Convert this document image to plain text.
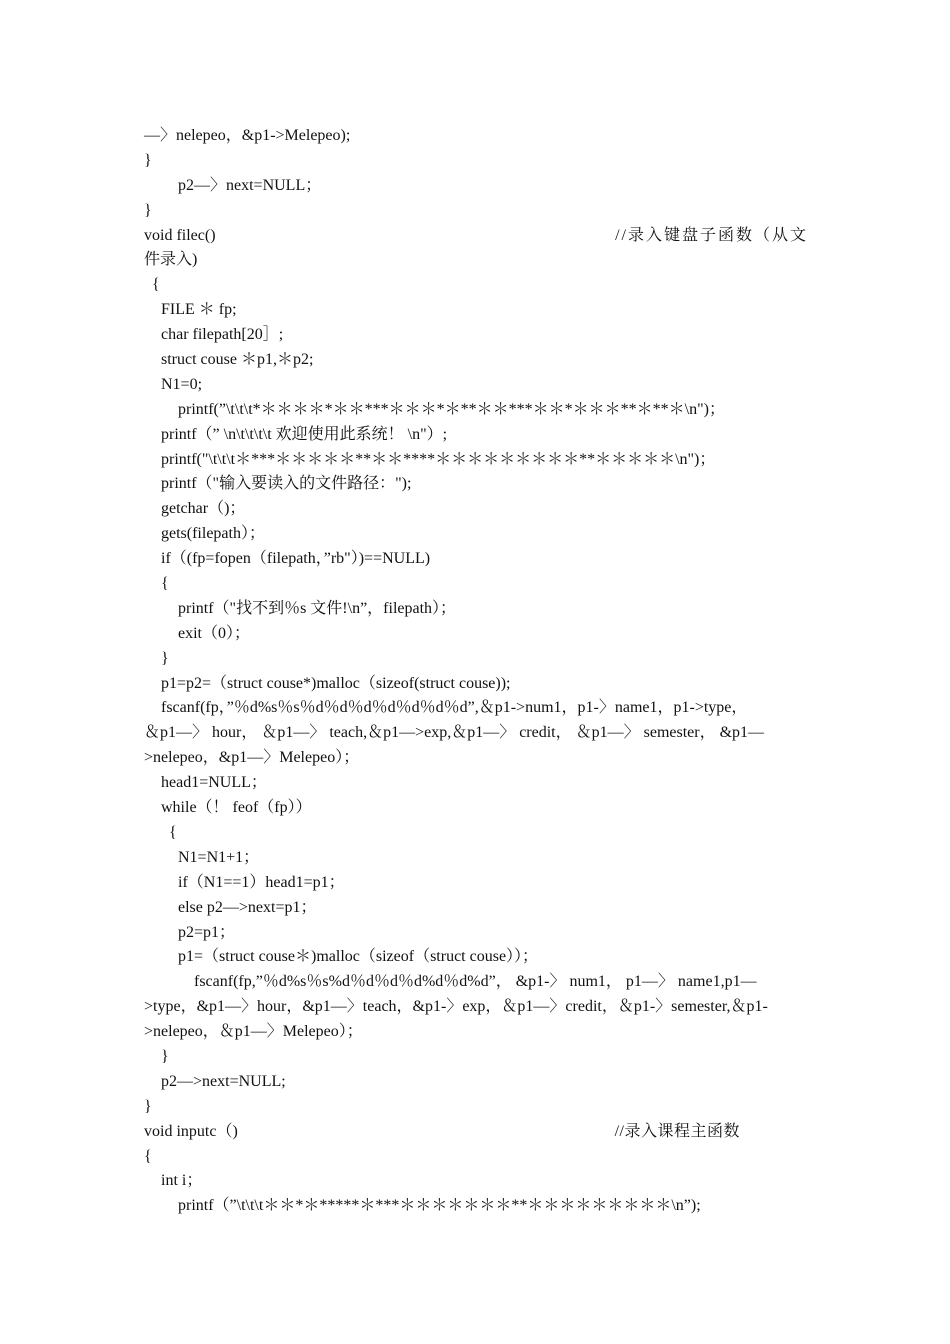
—〉nelepeo，&p1->Melepeo);
}
p2—〉next=NULL；
}
void filec()	//录入键盘子函数（从文
件录入)
{
FILE ＊ fp;
char filepath[20］;
struct couse ＊p1,＊p2;
N1=0;
printf(”\t\t\t*＊＊＊＊*＊＊***＊＊＊*＊**＊＊***＊＊*＊＊＊**＊**＊\n")；
printf（” \n\t\t\t\t 欢迎使用此系统！ \n"）;
printf("\t\t\t＊***＊＊＊＊＊**＊＊****＊＊＊＊＊＊＊＊＊**＊＊＊＊＊\n")；
printf（"输入要读入的文件路径：");
getchar（)；
gets(filepath）；
if（(fp=fopen（filepath，”rb"）)==NULL)
{
printf（"找不到％s 文件!\n”，filepath）；
exit（0）；
}
p1=p2=（struct couse*)malloc（sizeof(struct couse));
fscanf(fp，”％d%s％s％d％d％d％d％d％d％d”,＆p1->num1，p1-〉name1，p1->type，
＆p1—〉 hour， ＆p1—〉 teach,＆p1—>exp,＆p1—〉 credit， ＆p1—〉 semester， &p1—
>nelepeo，&p1—〉Melepeo）；
head1=NULL；
while（！ feof（fp））
{
N1=N1+1；
if（N1==1）head1=p1；
else p2—>next=p1；
p2=p1；
p1=（struct couse＊)malloc（sizeof（struct couse））；
fscanf(fp,”％d%s％s%d％d％d％d%d％d%d”， &p1-〉 num1， p1—〉 name1,p1—
>type，&p1—〉hour，&p1—〉teach，&p1-〉exp，＆p1—〉credit，＆p1-〉semester,＆p1-
>nelepeo，＆p1—〉Melepeo）；
}
p2—>next=NULL;
}
void inputc（)	//录入课程主函数
{
int i；
printf（”\t\t\t＊＊*＊*****＊***＊＊＊＊＊＊＊**＊＊＊＊＊＊＊＊＊\n”);
